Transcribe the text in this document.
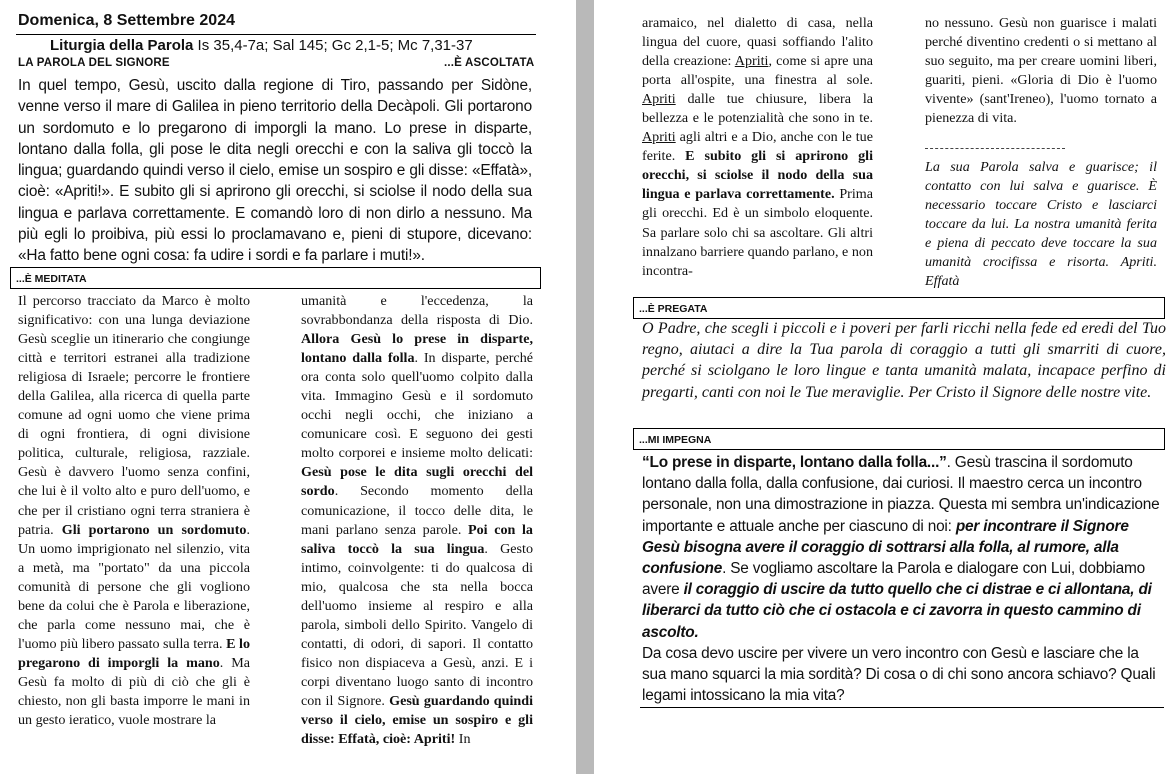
Domenica, 8 Settembre 2024
Liturgia della Parola Is 35,4-7a; Sal 145; Gc 2,1-5; Mc 7,31-37
LA PAROLA DEL SIGNORE	...È ASCOLTATA
In quel tempo, Gesù, uscito dalla regione di Tiro, passando per Sidòne, venne verso il mare di Galilea in pieno territorio della Decàpoli. Gli portarono un sordomuto e lo pregarono di imporgli la mano. Lo prese in disparte, lontano dalla folla, gli pose le dita negli orecchi e con la saliva gli toccò la lingua; guardando quindi verso il cielo, emise un sospiro e gli disse: «Effatà», cioè: «Apriti!». E subito gli si aprirono gli orecchi, si sciolse il nodo della sua lingua e parlava correttamente. E comandò loro di non dirlo a nessuno. Ma più egli lo proibiva, più essi lo proclamavano e, pieni di stupore, dicevano: «Ha fatto bene ogni cosa: fa udire i sordi e fa parlare i muti!».
...È MEDITATA
Il percorso tracciato da Marco è molto significativo: con una lunga deviazione Gesù sceglie un itinerario che congiunge città e territori estranei alla tradizione religiosa di Israele; percorre le frontiere della Galilea, alla ricerca di quella parte comune ad ogni uomo che viene prima di ogni frontiera, di ogni divisione politica, culturale, religiosa, razziale. Gesù è davvero l'uomo senza confini, che lui è il volto alto e puro dell'uomo, e che per il cristiano ogni terra straniera è patria. Gli portarono un sordomuto. Un uomo imprigionato nel silenzio, vita a metà, ma "portato" da una piccola comunità di persone che gli vogliono bene da colui che è Parola e liberazione, che parla come nessuno mai, che è l'uomo più libero passato sulla terra. E lo pregarono di imporgli la mano. Ma Gesù fa molto di più di ciò che gli è chiesto, non gli basta imporre le mani in un gesto ieratico, vuole mostrare la
umanità e l'eccedenza, la sovrabbondanza della risposta di Dio. Allora Gesù lo prese in disparte, lontano dalla folla. In disparte, perché ora conta solo quell'uomo colpito dalla vita. Immagino Gesù e il sordomuto occhi negli occhi, che iniziano a comunicare così. E seguono dei gesti molto corporei e insieme molto delicati: Gesù pose le dita sugli orecchi del sordo. Secondo momento della comunicazione, il tocco delle dita, le mani parlano senza parole. Poi con la saliva toccò la sua lingua. Gesto intimo, coinvolgente: ti do qualcosa di mio, qualcosa che sta nella bocca dell'uomo insieme al respiro e alla parola, simboli dello Spirito. Vangelo di contatti, di odori, di sapori. Il contatto fisico non dispiaceva a Gesù, anzi. E i corpi diventano luogo santo di incontro con il Signore. Gesù guardando quindi verso il cielo, emise un sospiro e gli disse: Effatà, cioè: Apriti! In
aramaico, nel dialetto di casa, nella lingua del cuore, quasi soffiando l'alito della creazione: Apriti, come si apre una porta all'ospite, una finestra al sole. Apriti dalle tue chiusure, libera la bellezza e le potenzialità che sono in te. Apriti agli altri e a Dio, anche con le tue ferite. E subito gli si aprirono gli orecchi, si sciolse il nodo della sua lingua e parlava correttamente. Prima gli orecchi. Ed è un simbolo eloquente. Sa parlare solo chi sa ascoltare. Gli altri innalzano barriere quando parlano, e non incontra-
no nessuno. Gesù non guarisce i malati perché diventino credenti o si mettano al suo seguito, ma per creare uomini liberi, guariti, pieni. «Gloria di Dio è l'uomo vivente» (sant'Ireneo), l'uomo tornato a pienezza di vita.
La sua Parola salva e guarisce; il contatto con lui salva e guarisce. È necessario toccare Cristo e lasciarci toccare da lui. La nostra umanità ferita e piena di peccato deve toccare la sua umanità crocifissa e risorta. Apriti. Effatà
...È PREGATA
O Padre, che scegli i piccoli e i poveri per farli ricchi nella fede ed eredi del Tuo regno, aiutaci a dire la Tua parola di coraggio a tutti gli smarriti di cuore, perché si sciolgano le loro lingue e tanta umanità malata, incapace perfino di pregarti, canti con noi le Tue meraviglie. Per Cristo il Signore delle nostre vite.
...MI IMPEGNA
“Lo prese in disparte, lontano dalla folla...”. Gesù trascina il sordomuto lontano dalla folla, dalla confusione, dai curiosi. Il maestro cerca un incontro personale, non una dimostrazione in piazza. Questa mi sembra un'indicazione importante e attuale anche per ciascuno di noi: per incontrare il Signore Gesù bisogna avere il coraggio di sottrarsi alla folla, al rumore, alla confusione. Se vogliamo ascoltare la Parola e dialogare con Lui, dobbiamo avere il coraggio di uscire da tutto quello che ci distrae e ci allontana, di liberarci da tutto ciò che ci ostacola e ci zavorra in questo cammino di ascolto.
Da cosa devo uscire per vivere un vero incontro con Gesù e lasciare che la sua mano squarci la mia sordità? Di cosa o di chi sono ancora schiavo? Quali legami intossicano la mia vita?
